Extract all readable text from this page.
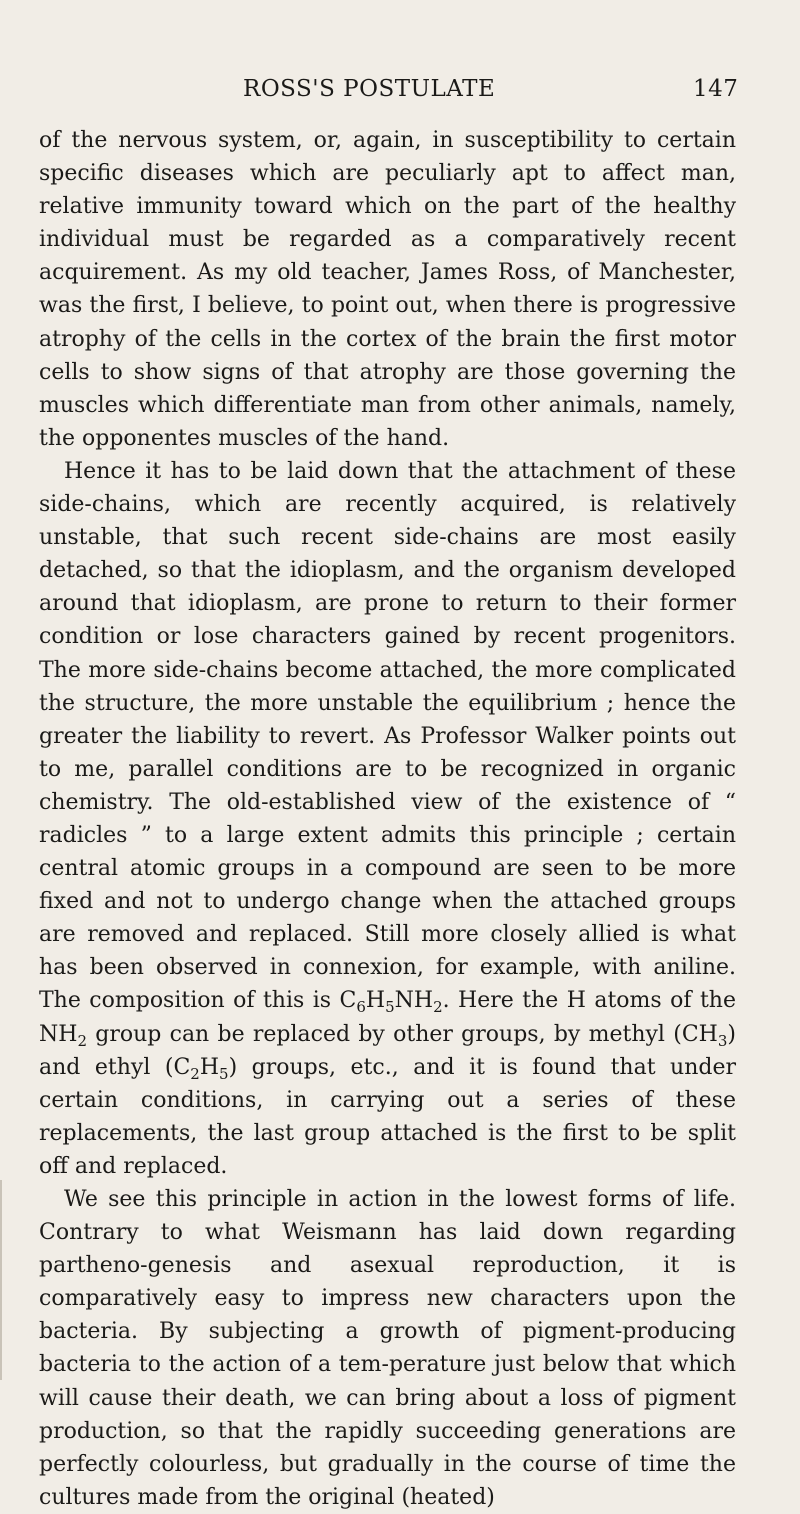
ROSS'S POSTULATE	147

of the nervous system, or, again, in susceptibility to certain specific diseases which are peculiarly apt to affect man, relative immunity toward which on the part of the healthy individual must be regarded as a comparatively recent acquirement. As my old teacher, James Ross, of Manchester, was the first, I believe, to point out, when there is progressive atrophy of the cells in the cortex of the brain the first motor cells to show signs of that atrophy are those governing the muscles which differentiate man from other animals, namely, the opponentes muscles of the hand.

Hence it has to be laid down that the attachment of these side-chains, which are recently acquired, is relatively unstable, that such recent side-chains are most easily detached, so that the idioplasm, and the organism developed around that idioplasm, are prone to return to their former condition or lose characters gained by recent progenitors. The more side-chains become attached, the more complicated the structure, the more unstable the equilibrium ; hence the greater the liability to revert. As Professor Walker points out to me, parallel conditions are to be recognized in organic chemistry. The old-established view of the existence of “ radicles ” to a large extent admits this principle ; certain central atomic groups in a compound are seen to be more fixed and not to undergo change when the attached groups are removed and replaced. Still more closely allied is what has been observed in connexion, for example, with aniline. The composition of this is $C_6H_5NH_2$. Here the H atoms of the $NH_2$ group can be replaced by other groups, by methyl $(CH_3)$ and ethyl $(C_2H_5)$ groups, etc., and it is found that under certain conditions, in carrying out a series of these replacements, the last group attached is the first to be split off and replaced.

We see this principle in action in the lowest forms of life. Contrary to what Weismann has laid down regarding partheno-genesis and asexual reproduction, it is comparatively easy to impress new characters upon the bacteria. By subjecting a growth of pigment-producing bacteria to the action of a tem-perature just below that which will cause their death, we can bring about a loss of pigment production, so that the rapidly succeeding generations are perfectly colourless, but gradually in the course of time the cultures made from the original (heated)
